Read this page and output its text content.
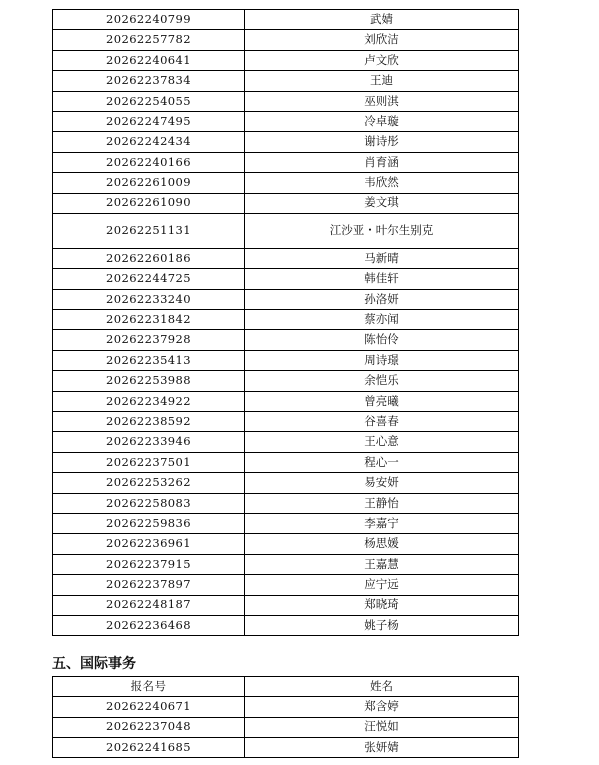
20262240799	武婧
20262257782	刘欣洁
20262240641	卢文欣
20262237834	王迪
20262254055	巫则淇
20262247495	冷卓璇
20262242434	谢诗彤
20262240166	肖育涵
20262261009	韦欣然
20262261090	姜文琪
20262251131	江沙亚・叶尔生别克
20262260186	马新晴
20262244725	韩佳轩
20262233240	孙洛妍
20262231842	蔡亦闻
20262237928	陈怡伶
20262235413	周诗璟
20262253988	余恺乐
20262234922	曾亮曦
20262238592	谷喜春
20262233946	王心意
20262237501	程心一
20262253262	易安妍
20262258083	王静怡
20262259836	李嘉宁
20262236961	杨思媛
20262237915	王嘉慧
20262237897	应宁远
20262248187	郑晓琦
20262236468	姚子杨
五、国际事务
报名号	姓名
20262240671	郑含婷
20262237048	汪悦如
20262241685	张妍婧
